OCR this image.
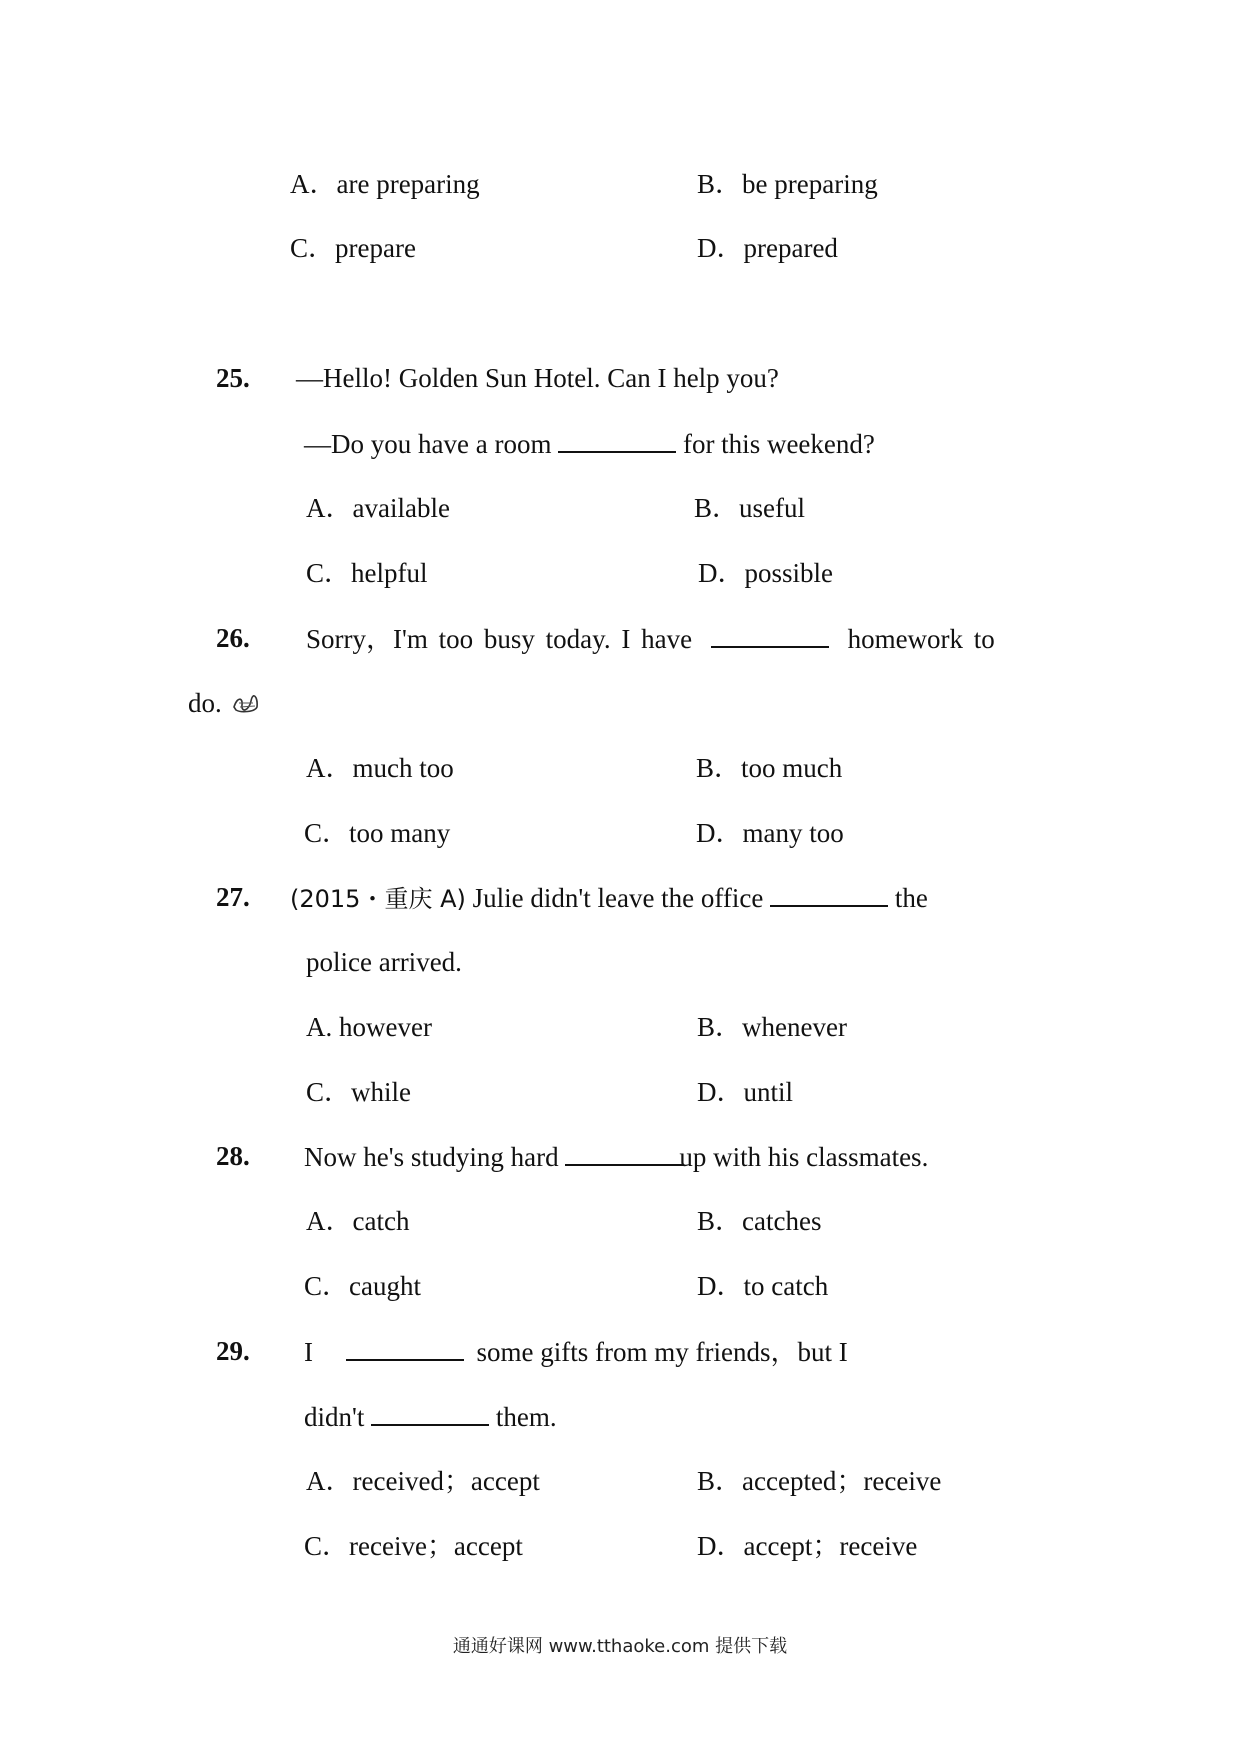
A．are preparing	B．be preparing
C．prepare	D．prepared
25. —Hello! Golden Sun Hotel. Can I help you?
—Do you have a room	for this weekend?
A．available	B．useful
C．helpful	D．possible
26. Sorry，I'm too busy today. I have	homework to
do.
A．much too	B．too much
C．too many	D．many too
27. (2015・重庆 A) Julie didn't leave the office	the
police arrived.
A. however	B．whenever
C．while	D．until
28. Now he's studying hard	up with his classmates.
A．catch	B．catches
C．caught	D．to catch
29. I	some gifts from my friends，but I
didn't	them.
A．received；accept	B．accepted；receive
C．receive；accept	D．accept；receive
通通好课网 www.tthaoke.com 提供下载
